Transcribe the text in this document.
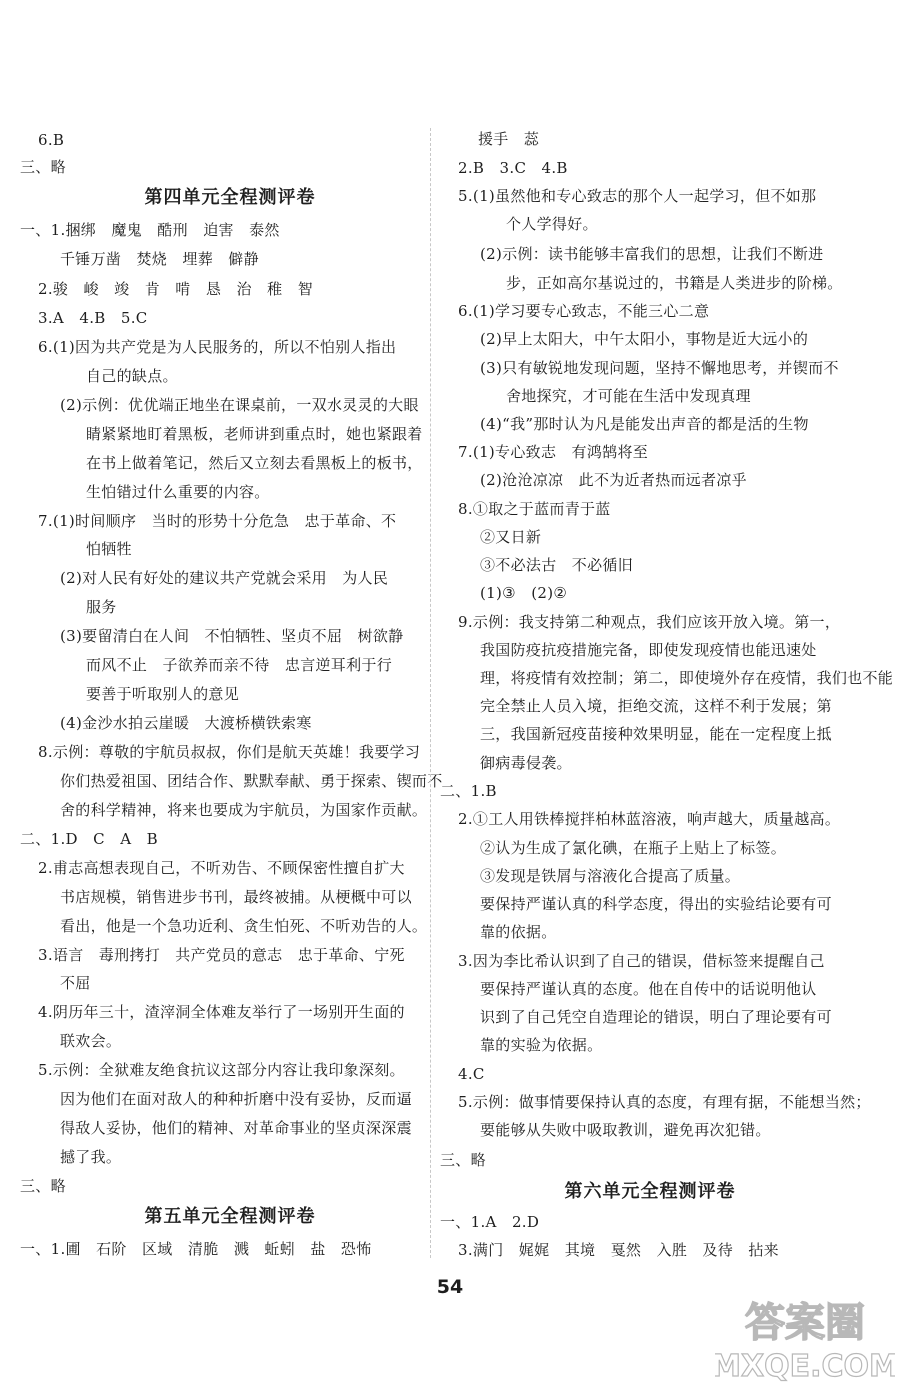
6.B
三、略
第四单元全程测评卷
一、1.捆绑　魔鬼　酷刑　迫害　泰然
千锤万凿　焚烧　埋葬　僻静
2.骏　峻　竣　肯　啃　恳　治　稚　智
3.A　4.B　5.C
6.(1)因为共产党是为人民服务的，所以不怕别人指出
自己的缺点。
(2)示例：优优端正地坐在课桌前，一双水灵灵的大眼
睛紧紧地盯着黑板，老师讲到重点时，她也紧跟着
在书上做着笔记，然后又立刻去看黑板上的板书，
生怕错过什么重要的内容。
7.(1)时间顺序　当时的形势十分危急　忠于革命、不
怕牺牲
(2)对人民有好处的建议共产党就会采用　为人民
服务
(3)要留清白在人间　不怕牺牲、坚贞不屈　树欲静
而风不止　子欲养而亲不待　忠言逆耳利于行
要善于听取别人的意见
(4)金沙水拍云崖暖　大渡桥横铁索寒
8.示例：尊敬的宇航员叔叔，你们是航天英雄！我要学习
你们热爱祖国、团结合作、默默奉献、勇于探索、锲而不
舍的科学精神，将来也要成为宇航员，为国家作贡献。
二、1.D　C　A　B
2.甫志高想表现自己，不听劝告、不顾保密性擅自扩大
书店规模，销售进步书刊，最终被捕。从梗概中可以
看出，他是一个急功近利、贪生怕死、不听劝告的人。
3.语言　毒刑拷打　共产党员的意志　忠于革命、宁死
不屈
4.阴历年三十，渣滓洞全体难友举行了一场别开生面的
联欢会。
5.示例：全狱难友绝食抗议这部分内容让我印象深刻。
因为他们在面对敌人的种种折磨中没有妥协，反而逼
得敌人妥协，他们的精神、对革命事业的坚贞深深震
撼了我。
三、略
第五单元全程测评卷
一、1.圃　石阶　区域　清脆　溅　蚯蚓　盐　恐怖
援手　蕊
2.B　3.C　4.B
5.(1)虽然他和专心致志的那个人一起学习，但不如那
个人学得好。
(2)示例：读书能够丰富我们的思想，让我们不断进
步，正如高尔基说过的，书籍是人类进步的阶梯。
6.(1)学习要专心致志，不能三心二意
(2)早上太阳大，中午太阳小，事物是近大远小的
(3)只有敏锐地发现问题，坚持不懈地思考，并锲而不
舍地探究，才可能在生活中发现真理
(4)“我”那时认为凡是能发出声音的都是活的生物
7.(1)专心致志　有鸿鹄将至
(2)沧沧凉凉　此不为近者热而远者凉乎
8.①取之于蓝而青于蓝
②又日新
③不必法古　不必循旧
(1)③　(2)②
9.示例：我支持第二种观点，我们应该开放入境。第一，
我国防疫抗疫措施完备，即使发现疫情也能迅速处
理，将疫情有效控制；第二，即使境外存在疫情，我们也不能
完全禁止人员入境，拒绝交流，这样不利于发展；第
三，我国新冠疫苗接种效果明显，能在一定程度上抵
御病毒侵袭。
二、1.B
2.①工人用铁棒搅拌柏林蓝溶液，响声越大，质量越高。
②认为生成了氯化碘，在瓶子上贴上了标签。
③发现是铁屑与溶液化合提高了质量。
要保持严谨认真的科学态度，得出的实验结论要有可
靠的依据。
3.因为李比希认识到了自己的错误，借标签来提醒自己
要保持严谨认真的态度。他在自传中的话说明他认
识到了自己凭空自造理论的错误，明白了理论要有可
靠的实验为依据。
4.C
5.示例：做事情要保持认真的态度，有理有据，不能想当然；
要能够从失败中吸取教训，避免再次犯错。
三、略
第六单元全程测评卷
一、1.A　2.D
3.满门　娓娓　其境　戛然　入胜　及待　拈来
54
答案圈
MXQE.COM
